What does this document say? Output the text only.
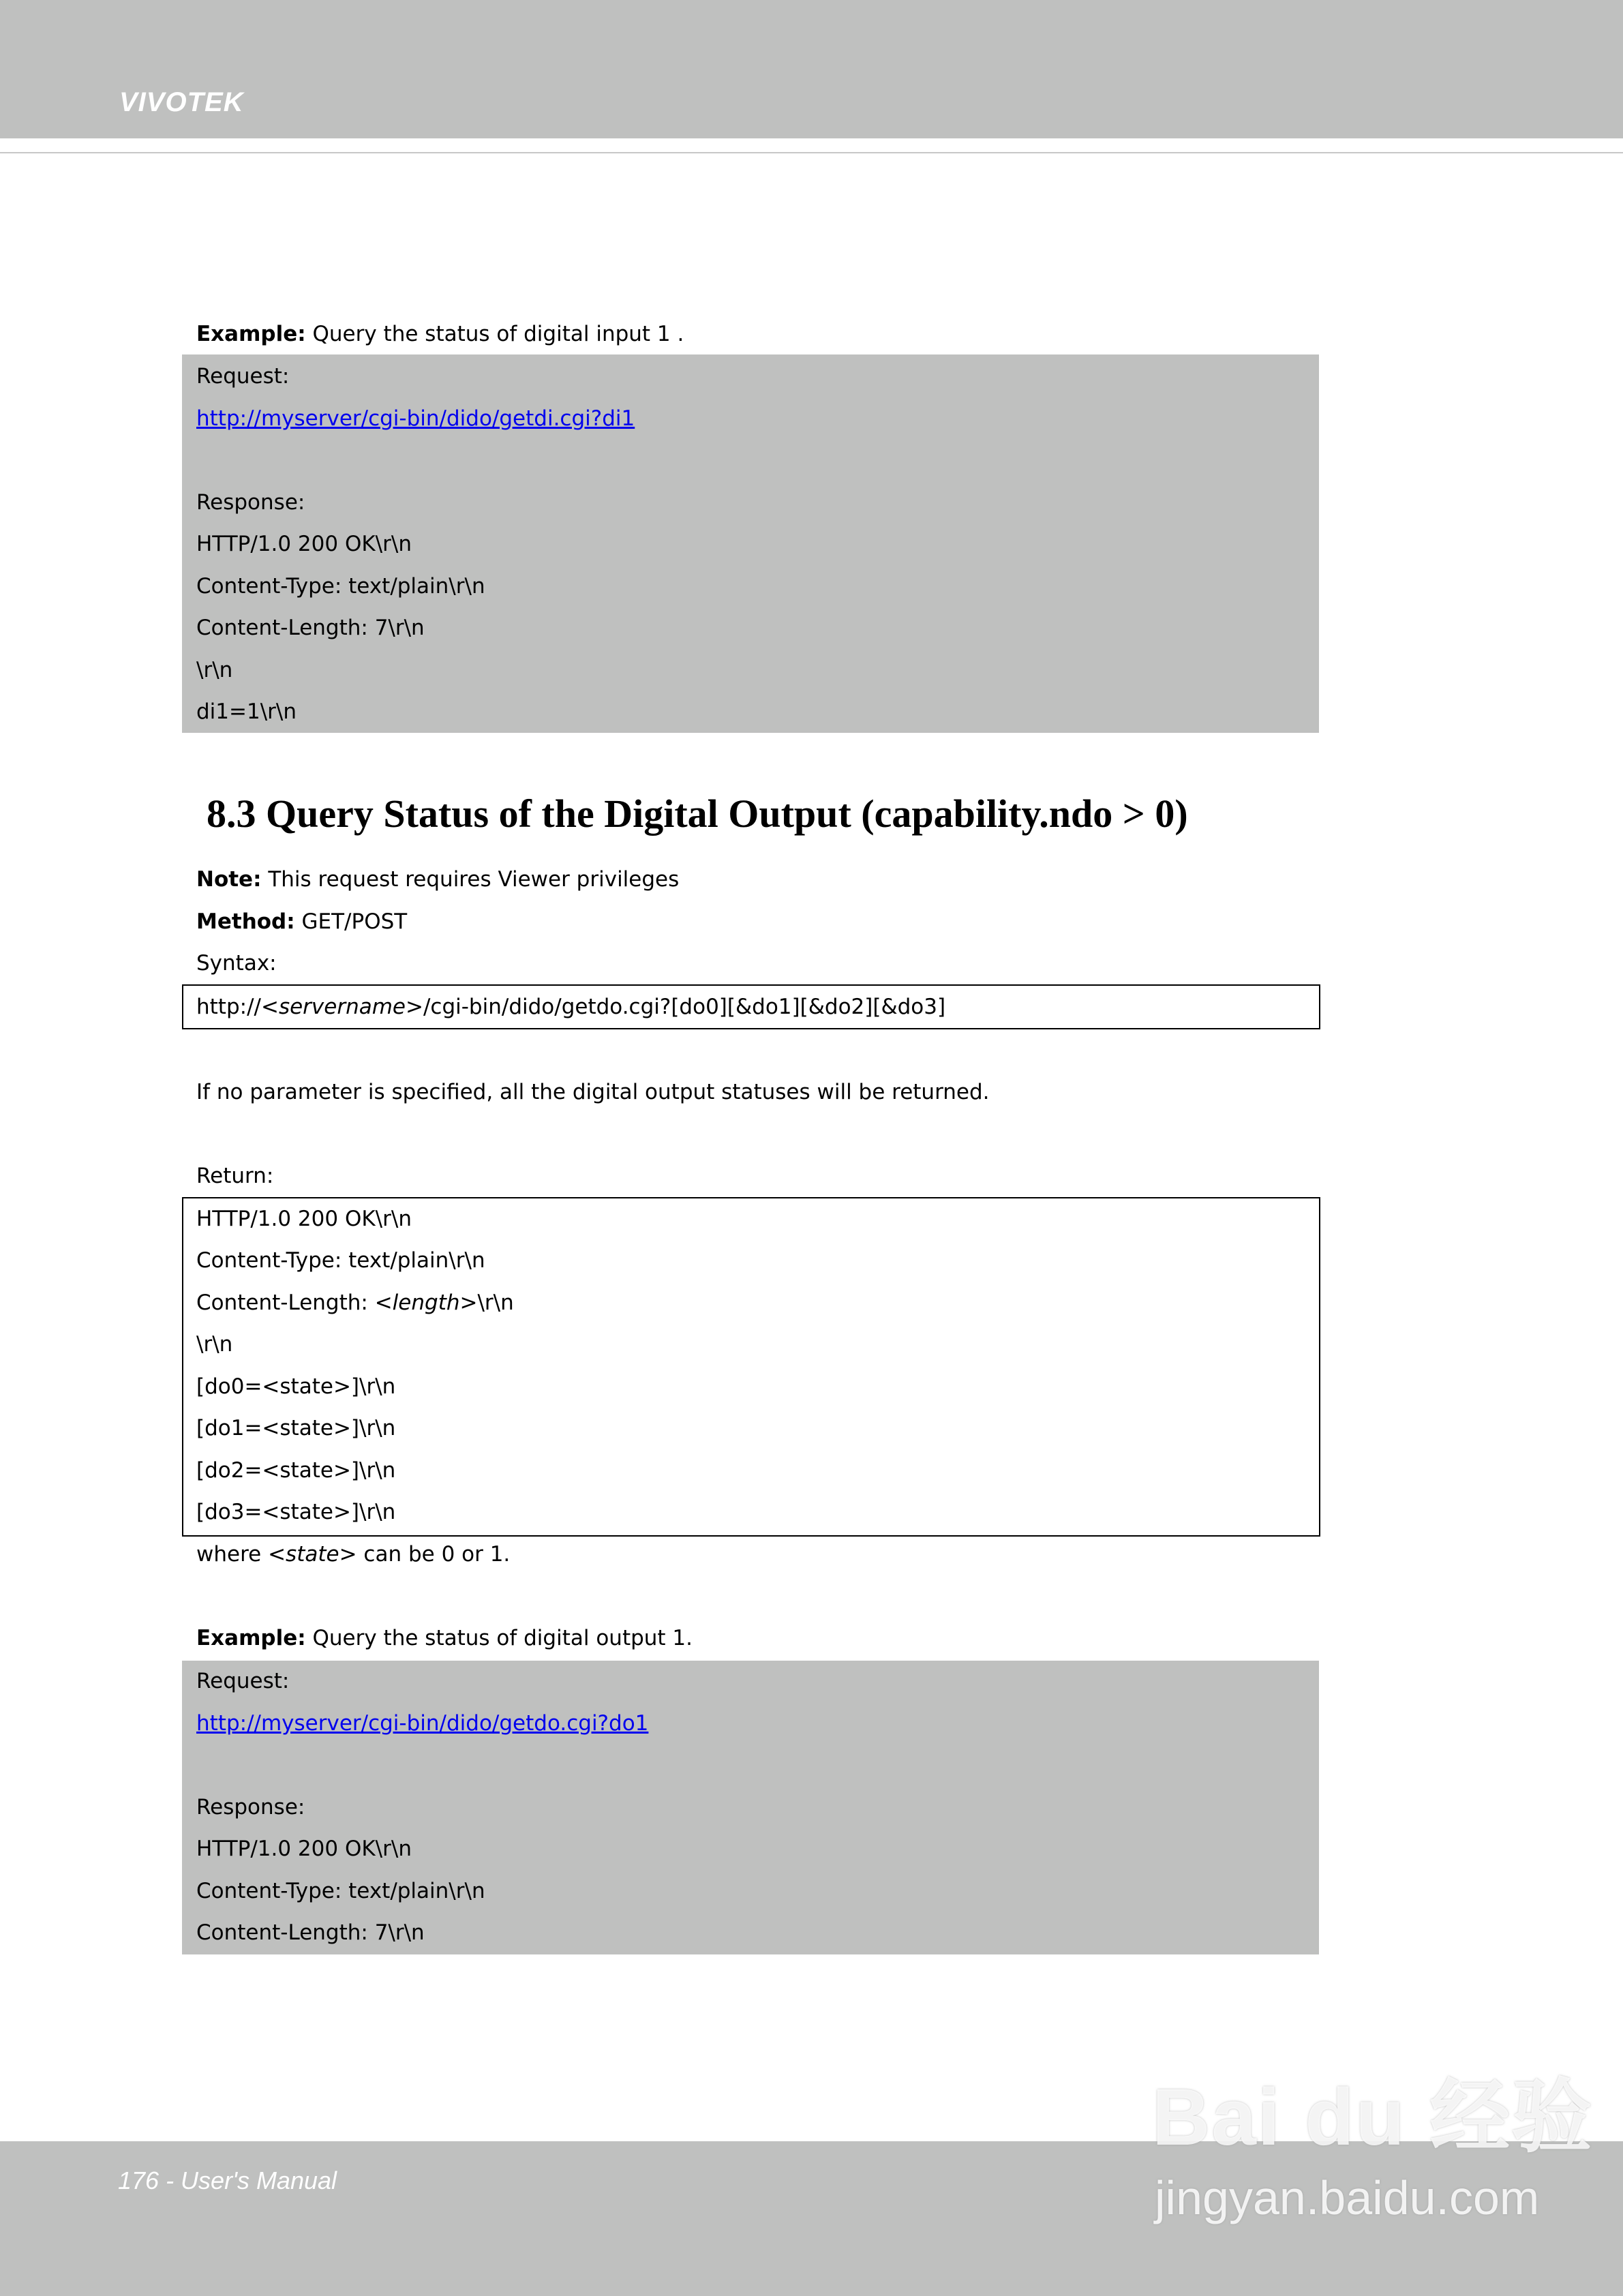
VIVOTEK
Example: Query the status of digital input 1 .
Request:
http://myserver/cgi-bin/dido/getdi.cgi?di1
Response:
HTTP/1.0 200 OK\r\n
Content-Type: text/plain\r\n
Content-Length: 7\r\n
\r\n
di1=1\r\n
8.3 Query Status of the Digital Output (capability.ndo > 0)
Note: This request requires Viewer privileges
Method: GET/POST
Syntax:
http://<servername>/cgi-bin/dido/getdo.cgi?[do0][&do1][&do2][&do3]
If no parameter is specified, all the digital output statuses will be returned.
Return:
HTTP/1.0 200 OK\r\n
Content-Type: text/plain\r\n
Content-Length: <length>\r\n
\r\n
[do0=<state>]\r\n
[do1=<state>]\r\n
[do2=<state>]\r\n
[do3=<state>]\r\n
where <state> can be 0 or 1.
Example: Query the status of digital output 1.
Request:
http://myserver/cgi-bin/dido/getdo.cgi?do1
Response:
HTTP/1.0 200 OK\r\n
Content-Type: text/plain\r\n
Content-Length: 7\r\n
176 - User's Manual
Bai du 经验
jingyan.baidu.com
